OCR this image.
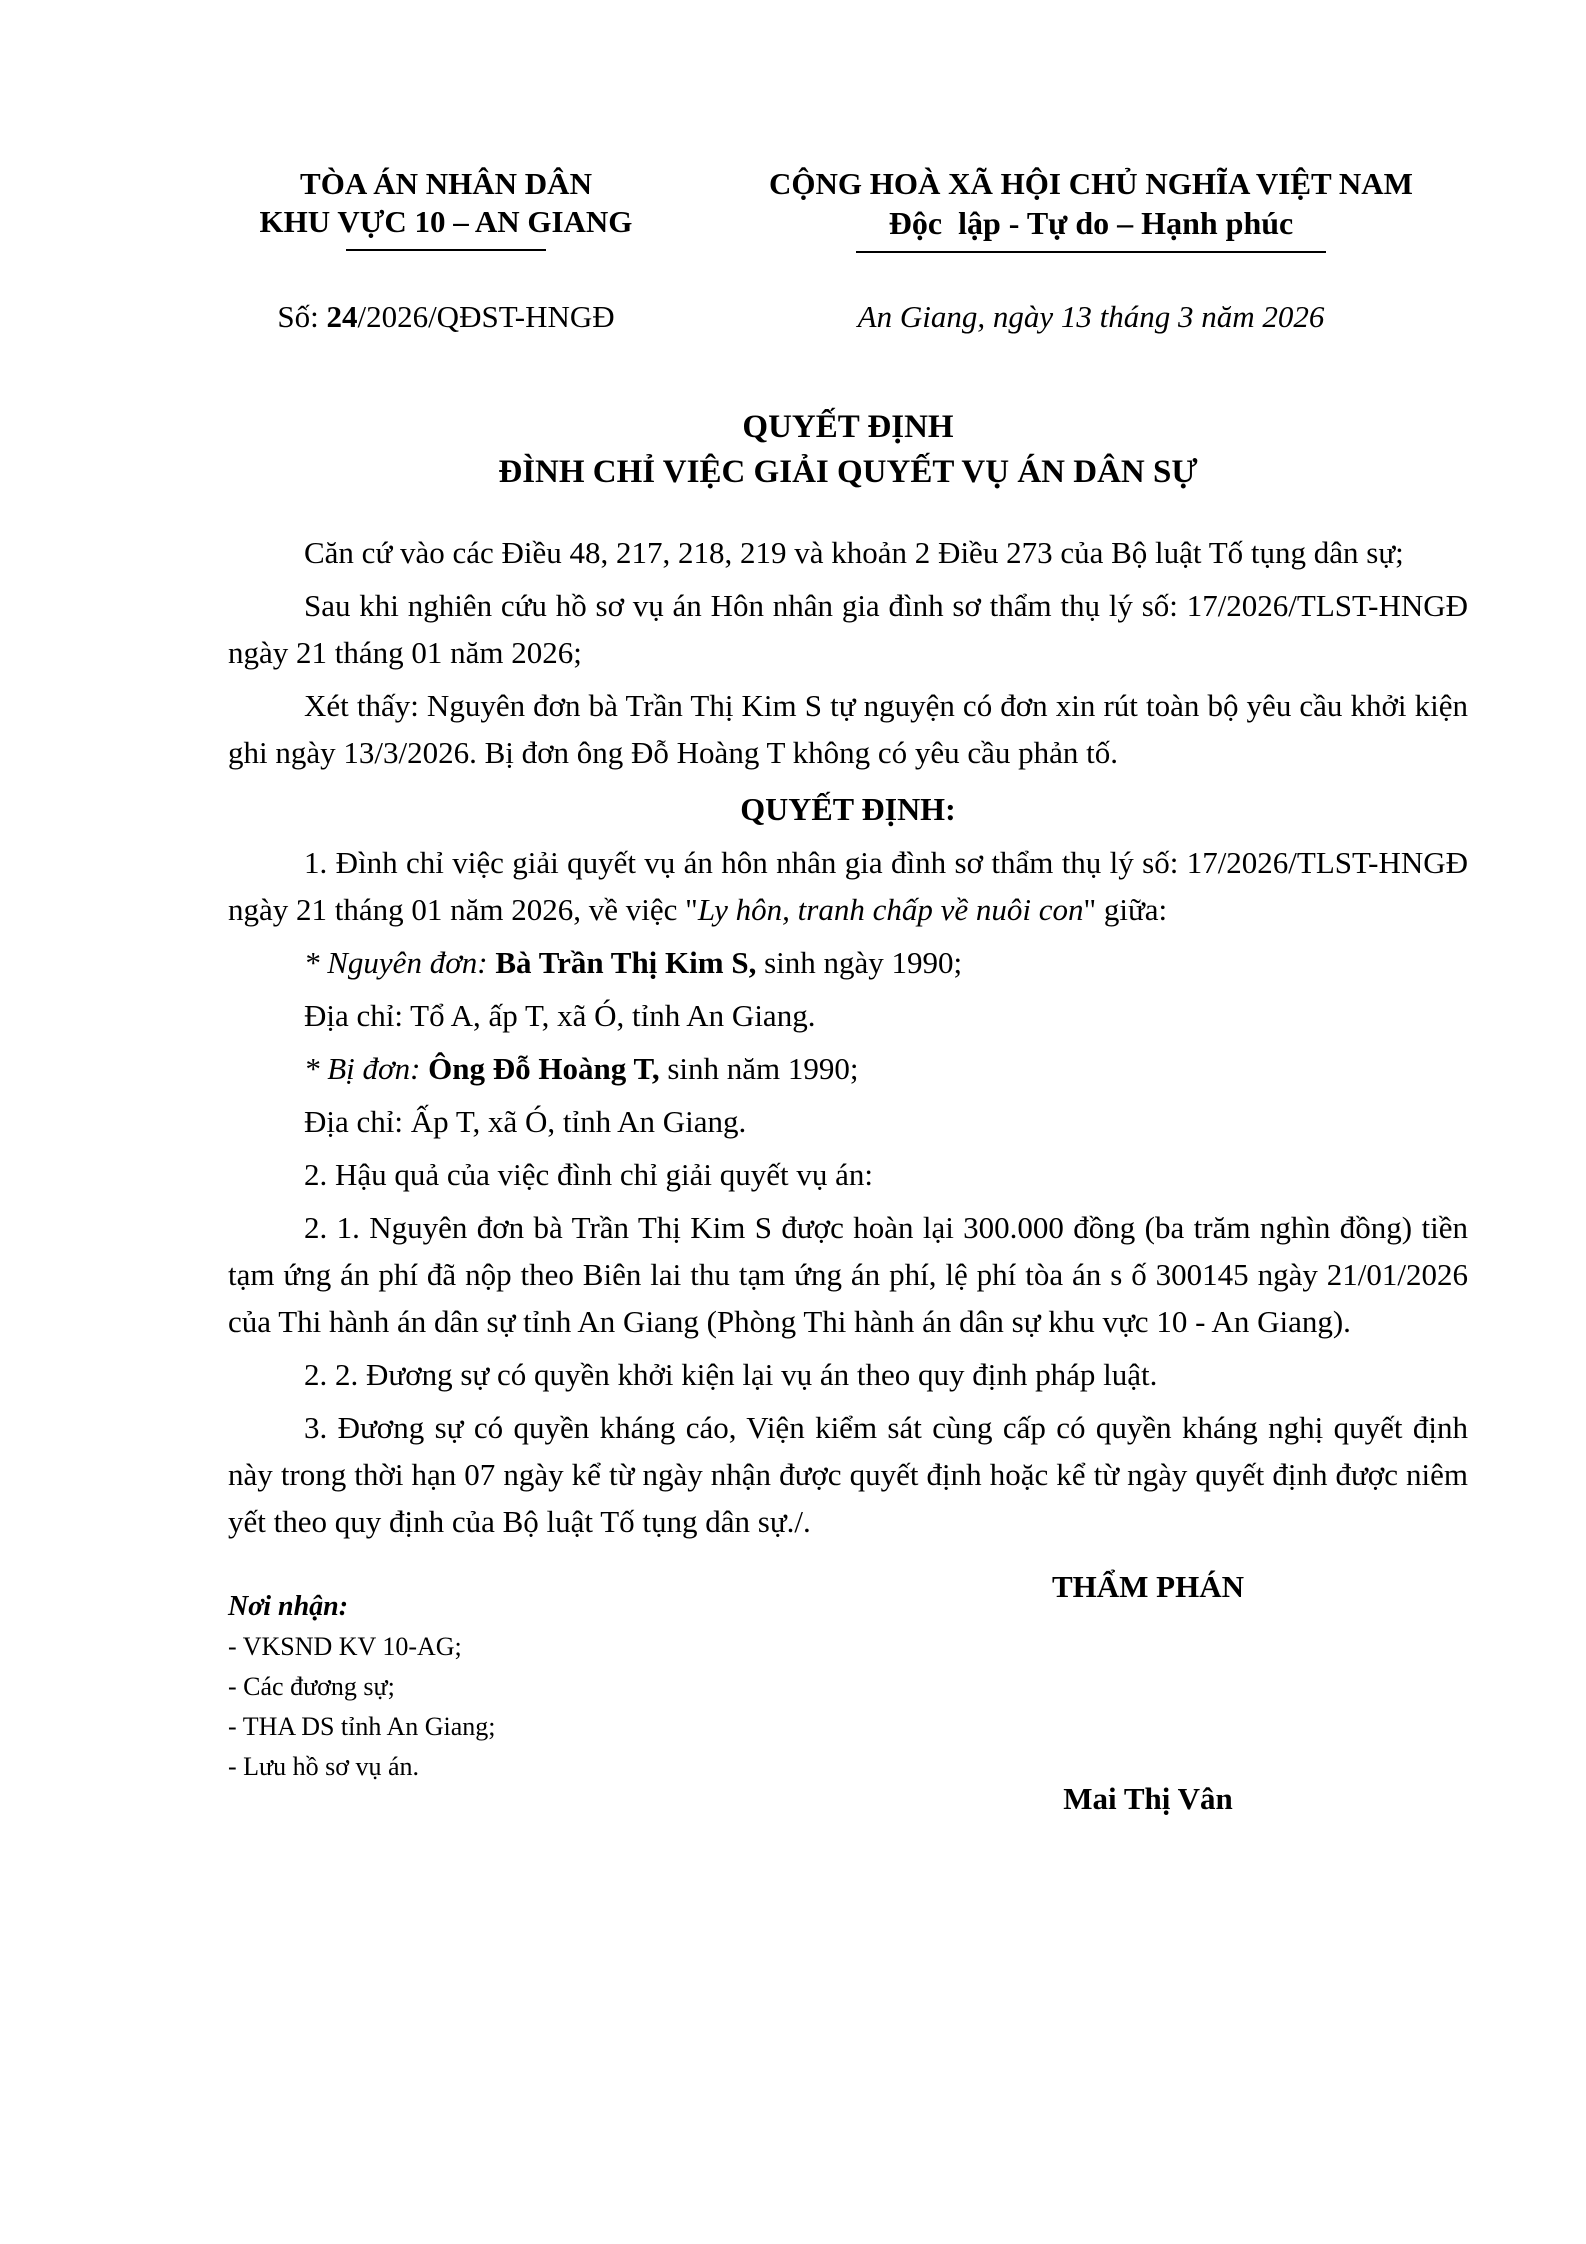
TÒA ÁN NHÂN DÂN
KHU VỰC 10 – AN GIANG
Số: 24/2026/QĐST-HNGĐ
CỘNG HOÀ XÃ HỘI CHỦ NGHĨA VIỆT NAM
Độc  lập - Tự do – Hạnh phúc
An Giang, ngày 13 tháng 3 năm 2026
QUYẾT ĐỊNH
ĐÌNH CHỈ VIỆC GIẢI QUYẾT VỤ ÁN DÂN SỰ

Căn cứ vào các Điều 48, 217, 218, 219 và khoản 2 Điều 273 của Bộ luật Tố tụng dân sự;

Sau khi nghiên cứu hồ sơ vụ án Hôn nhân gia đình sơ thẩm thụ lý số: 17/2026/TLST-HNGĐ ngày 21 tháng 01 năm 2026;

Xét thấy: Nguyên đơn bà Trần Thị Kim S tự nguyện có đơn xin rút toàn bộ yêu cầu khởi kiện ghi ngày 13/3/2026. Bị đơn ông Đỗ Hoàng T không có yêu cầu phản tố.

QUYẾT ĐỊNH:

1. Đình chỉ việc giải quyết vụ án hôn nhân gia đình sơ thẩm thụ lý số: 17/2026/TLST-HNGĐ ngày 21 tháng 01 năm 2026, về việc "Ly hôn, tranh chấp về nuôi con" giữa:

* Nguyên đơn: Bà Trần Thị Kim S, sinh ngày 1990;

Địa chỉ: Tổ A, ấp T, xã Ó, tỉnh An Giang.

* Bị đơn: Ông Đỗ Hoàng T, sinh năm 1990;

Địa chỉ: Ấp T, xã Ó, tỉnh An Giang.

2. Hậu quả của việc đình chỉ giải quyết vụ án:

2. 1. Nguyên đơn bà Trần Thị Kim S được hoàn lại 300.000 đồng (ba trăm nghìn đồng) tiền tạm ứng án phí đã nộp theo Biên lai thu tạm ứng án phí, lệ phí tòa án s ố 300145 ngày 21/01/2026 của Thi hành án dân sự tỉnh An Giang (Phòng Thi hành án dân sự khu vực 10 - An Giang).

2. 2. Đương sự có quyền khởi kiện lại vụ án theo quy định pháp luật.

3. Đương sự có quyền kháng cáo, Viện kiểm sát cùng cấp có quyền kháng nghị quyết định này trong thời hạn 07 ngày kể từ ngày nhận được quyết định hoặc kể từ ngày quyết định được niêm yết theo quy định của Bộ luật Tố tụng dân sự./.

Nơi nhận:
- VKSND KV 10-AG;
- Các đương sự;
- THA DS tỉnh An Giang;
- Lưu hồ sơ vụ án.
THẨM PHÁN
Mai Thị Vân
